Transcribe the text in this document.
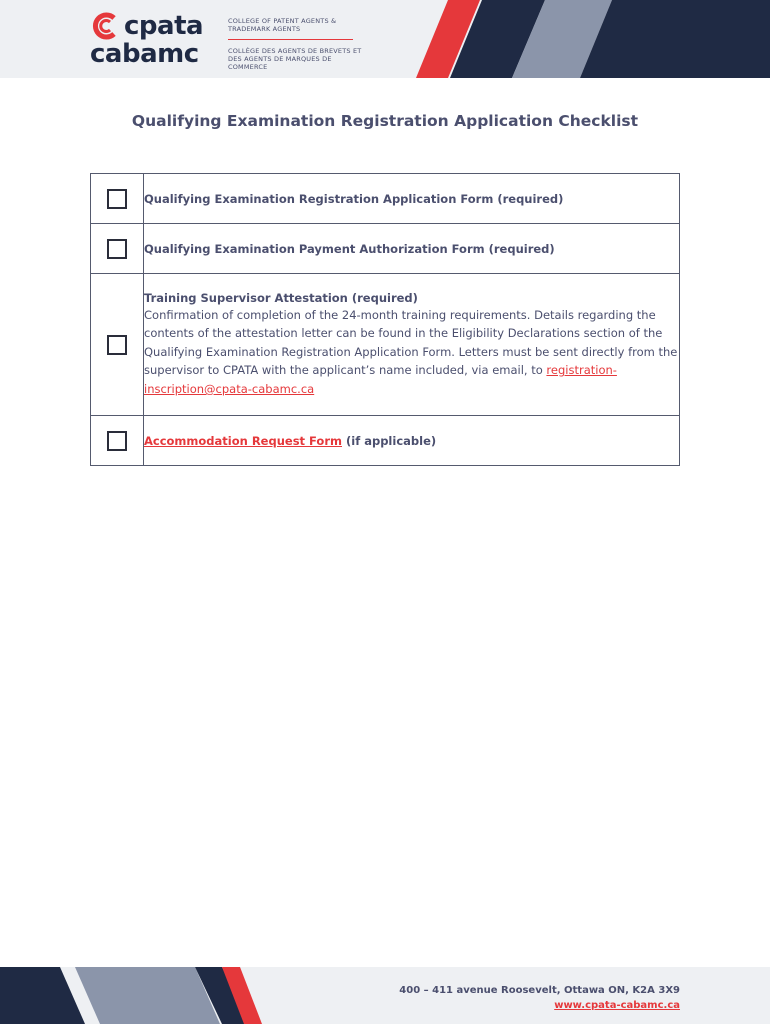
cpata
cabamc
COLLEGE OF PATENT AGENTS & TRADEMARK AGENTS
COLLÈGE DES AGENTS DE BREVETS ET DES AGENTS DE MARQUES DE COMMERCE
Qualifying Examination Registration Application Checklist
	Qualifying Examination Registration Application Form (required)
	Qualifying Examination Payment Authorization Form (required)

	Training Supervisor Attestation (required)
Confirmation of completion of the 24-month training requirements. Details regarding the contents of the attestation letter can be found in the Eligibility Declarations section of the Qualifying Examination Registration Application Form. Letters must be sent directly from the supervisor to CPATA with the applicant’s name included, via email, to registration-inscription@cpata-cabamc.ca

	Accommodation Request Form (if applicable)
400 – 411 avenue Roosevelt, Ottawa ON, K2A 3X9
www.cpata-cabamc.ca
